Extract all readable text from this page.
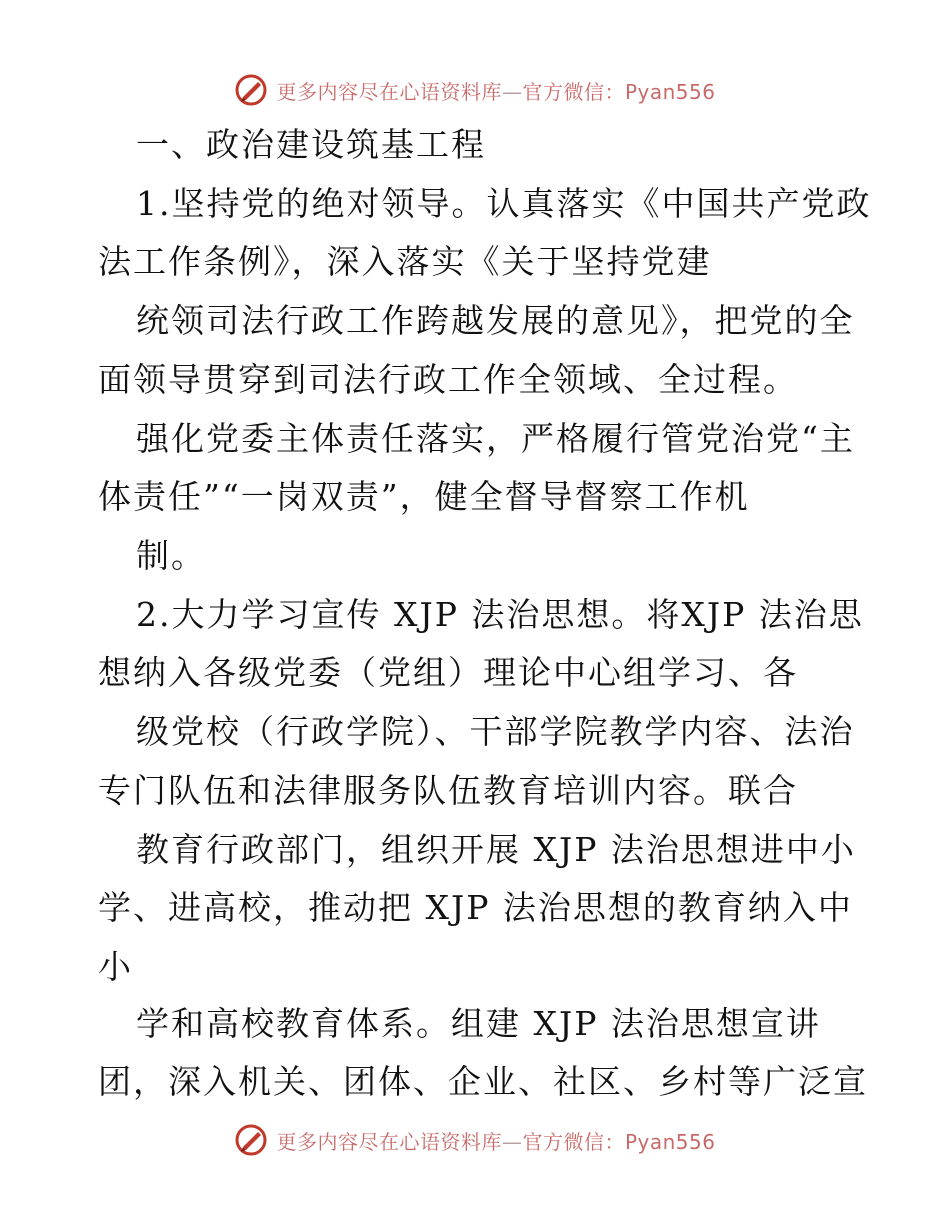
更多内容尽在心语资料库—官方微信：Pyan556
一、政治建设筑基工程
1.坚持党的绝对领导。认真落实《中国共产党政
法工作条例》，深入落实《关于坚持党建
统领司法行政工作跨越发展的意见》，把党的全
面领导贯穿到司法行政工作全领域、全过程。
强化党委主体责任落实，严格履行管党治党“主
体责任”“一岗双责”，健全督导督察工作机
制。
2.大力学习宣传 XJP 法治思想。将XJP 法治思
想纳入各级党委（党组）理论中心组学习、各
级党校（行政学院）、干部学院教学内容、法治
专门队伍和法律服务队伍教育培训内容。联合
教育行政部门，组织开展 XJP 法治思想进中小
学、进高校，推动把 XJP 法治思想的教育纳入中
小
学和高校教育体系。组建 XJP 法治思想宣讲
团，深入机关、团体、企业、社区、乡村等广泛宣
更多内容尽在心语资料库—官方微信：Pyan556
